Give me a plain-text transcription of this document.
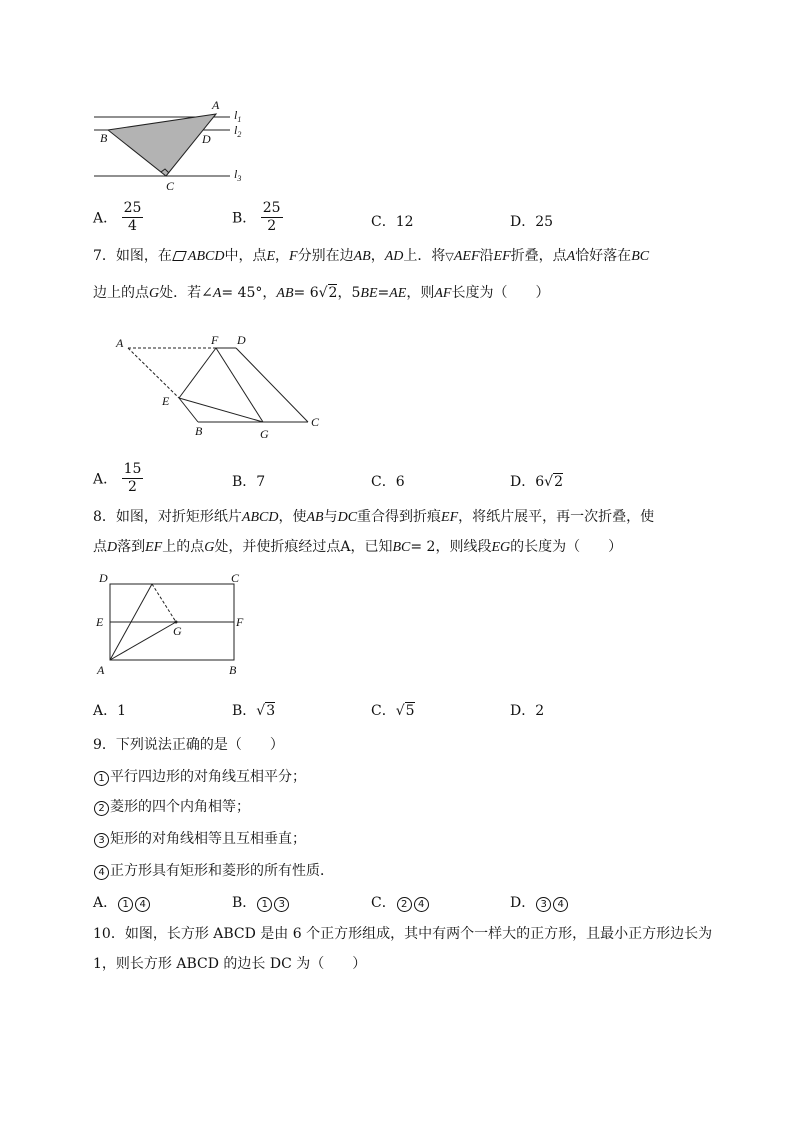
A
B	D
C
$l_1$
$l_2$
$l_3$
A． $\frac{25}{4}$	B． $\frac{25}{2}$	C．12	D．25
7．如图，在 ABCD中，点E，F分别在边AB，AD上．将▽AEF沿EF折叠，点A恰好落在BC
边上的点G处．若∠A= 45°，AB= 6√2，5BE=AE，则AF长度为（　　）
A	F D
E
B	G
C
A． $\frac{15}{2}$	B．7	C．6	D．6√2
8．如图，对折矩形纸片ABCD，使AB与DC重合得到折痕EF，将纸片展平，再一次折叠，使
点D落到EF上的点G处，并使折痕经过点A，已知BC= 2，则线段EG的长度为（　　）
D	C
E	F
G
A	B
A．1	B．√3	C．√5	D．2
9．下列说法正确的是（　　）
1 平行四边形的对角线互相平分；
2 菱形的四个内角相等；
3 矩形的对角线相等且互相垂直；
4 正方形具有矩形和菱形的所有性质．
A． 1 4	B． 1 3	C． 2 4	D． 3 4
10．如图，长方形 ABCD 是由 6 个正方形组成，其中有两个一样大的正方形，且最小正方形边长为
1，则长方形 ABCD 的边长 DC 为（　　）
